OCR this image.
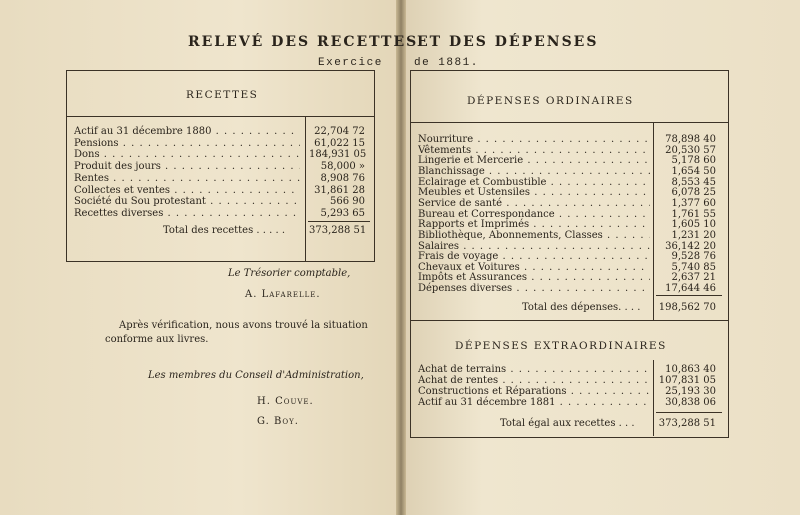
RELEVÉ DES RECETTES
ET DES DÉPENSES
Exercice	de 1881.
RECETTES
Actif au 31 décembre 1880 . . .	22,704 72
Pensions . . .	61,022 15
Dons . . .	184,931 05
Produit des jours . . .	58,000 »
Rentes . . .	8,908 76
Collectes et ventes . . .	31,861 28
Société du Sou protestant . . .	566 90
Recettes diverses . . .	5,293 65
Total des recettes . . . . . 373,288 51
Le Trésorier comptable,
A. Lafarelle.
Après vérification, nous avons trouvé la situation
conforme aux livres.
Les membres du Conseil d'Administration,
H. Couve.
G. Boy.
DÉPENSES ORDINAIRES
Nourriture . . .	78,898 40
Vêtements . . .	20,530 57
Lingerie et Mercerie . . .	5,178 60
Blanchissage . . .	1,654 50
Eclairage et Combustible . . .	8,553 45
Meubles et Ustensiles . . .	6,078 25
Service de santé . . .	1,377 60
Bureau et Correspondance . . .	1,761 55
Rapports et Imprimés . . .	1,605 10
Bibliothèque, Abonnements, Classes . . .	1,231 20
Salaires . . .	36,142 20
Frais de voyage . . .	9,528 76
Chevaux et Voitures . . .	5,740 85
Impôts et Assurances . . .	2,637 21
Dépenses diverses . . .	17,644 46
Total des dépenses. . . . 198,562 70
DÉPENSES EXTRAORDINAIRES
Achat de terrains . . .	10,863 40
Achat de rentes . . .	107,831 05
Constructions et Réparations . . .	25,193 30
Actif au 31 décembre 1881 . . .	30,838 06
Total égal aux recettes . . . 373,288 51
